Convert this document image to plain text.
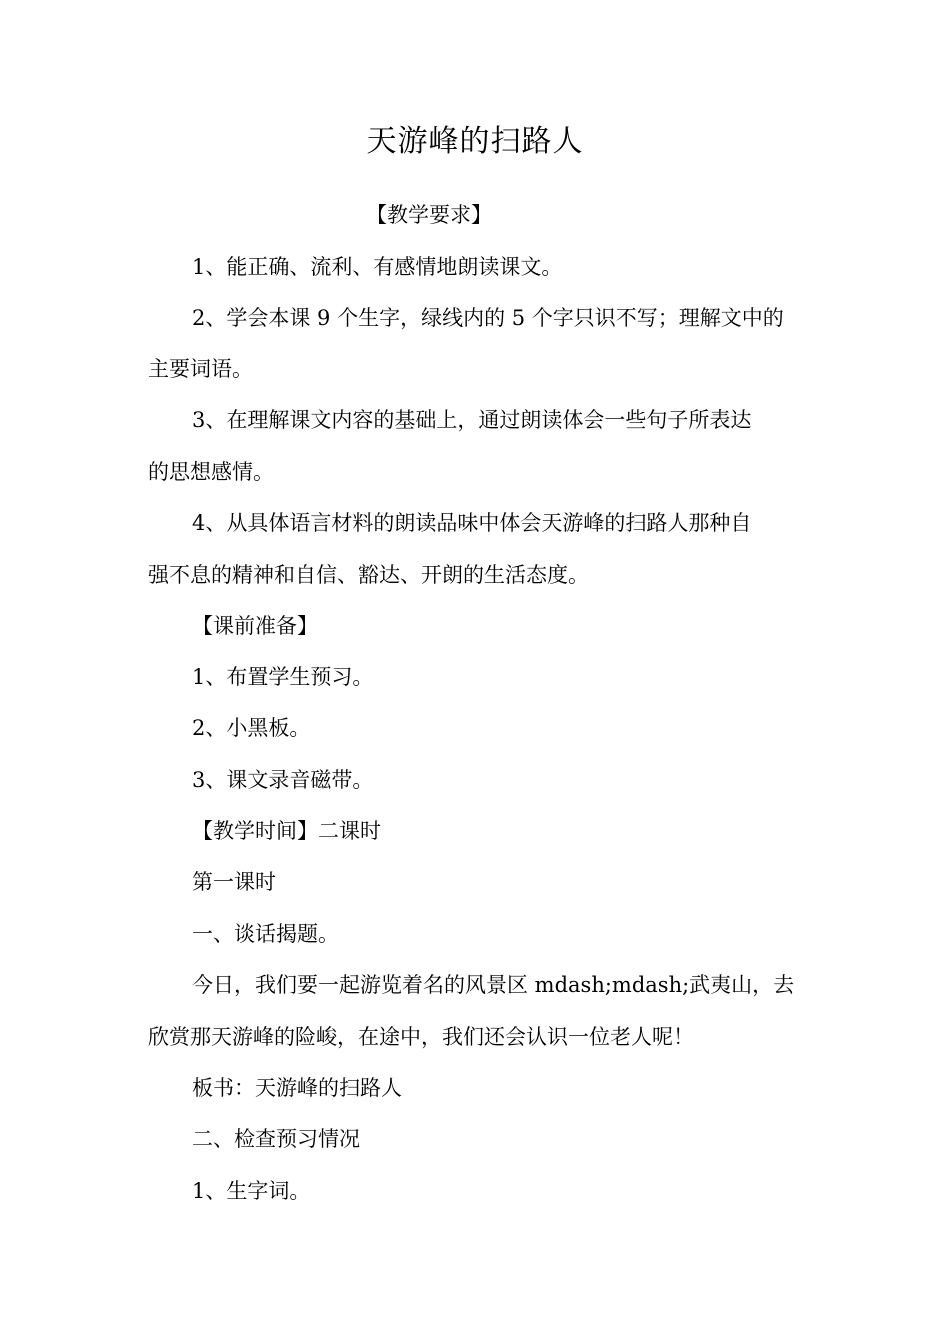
天游峰的扫路人
【教学要求】
1、能正确、流利、有感情地朗读课文。
2、学会本课 9 个生字，绿线内的 5 个字只识不写；理解文中的
主要词语。
3、在理解课文内容的基础上，通过朗读体会一些句子所表达
的思想感情。
4、从具体语言材料的朗读品味中体会天游峰的扫路人那种自
强不息的精神和自信、豁达、开朗的生活态度。
【课前准备】
1、布置学生预习。
2、小黑板。
3、课文录音磁带。
【教学时间】二课时
第一课时
一、谈话揭题。
今日，我们要一起游览着名的风景区 mdash;mdash;武夷山，去
欣赏那天游峰的险峻，在途中，我们还会认识一位老人呢！
板书：天游峰的扫路人
二、检查预习情况
1、生字词。
